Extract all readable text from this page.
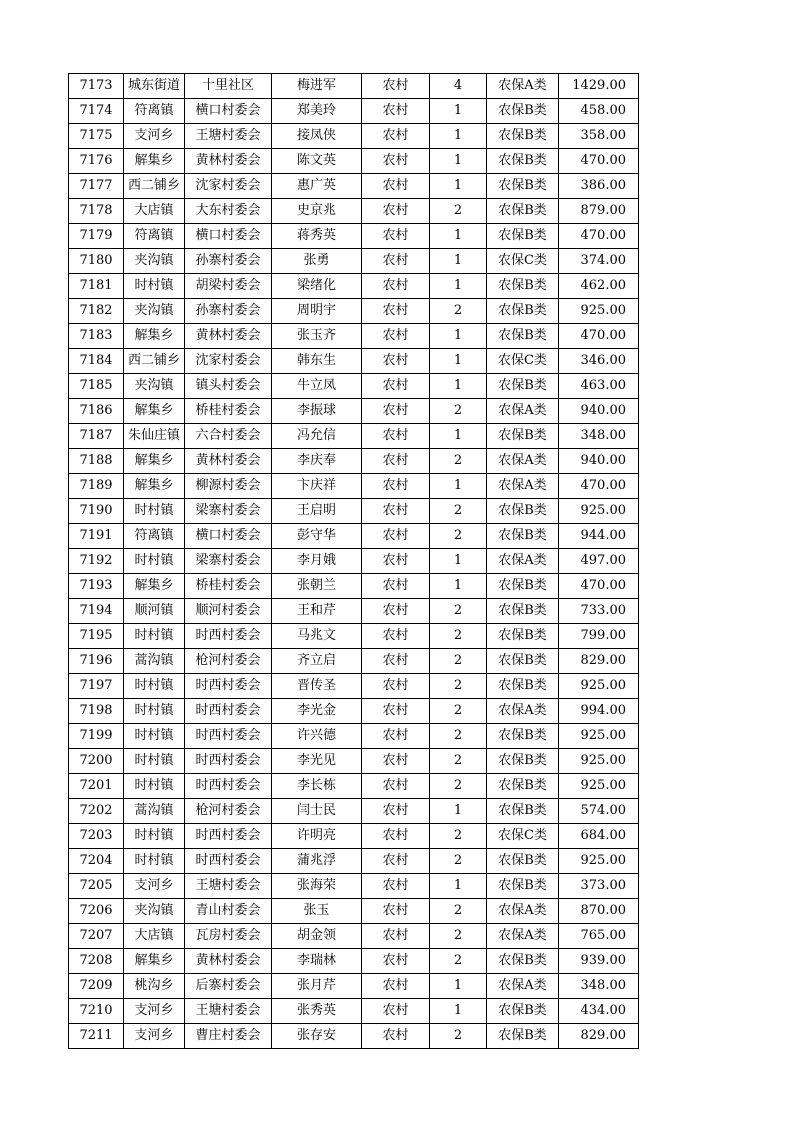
7173	城东街道	十里社区	梅进军	农村	4	农保A类	1429.00
7174	符离镇	横口村委会	郑美玲	农村	1	农保B类	458.00
7175	支河乡	王塘村委会	接凤侠	农村	1	农保B类	358.00
7176	解集乡	黄林村委会	陈文英	农村	1	农保B类	470.00
7177	西二铺乡	沈家村委会	惠广英	农村	1	农保B类	386.00
7178	大店镇	大东村委会	史京兆	农村	2	农保B类	879.00
7179	符离镇	横口村委会	蒋秀英	农村	1	农保B类	470.00
7180	夹沟镇	孙寨村委会	张勇	农村	1	农保C类	374.00
7181	时村镇	胡梁村委会	梁绪化	农村	1	农保B类	462.00
7182	夹沟镇	孙寨村委会	周明宇	农村	2	农保B类	925.00
7183	解集乡	黄林村委会	张玉齐	农村	1	农保B类	470.00
7184	西二铺乡	沈家村委会	韩东生	农村	1	农保C类	346.00
7185	夹沟镇	镇头村委会	牛立凤	农村	1	农保B类	463.00
7186	解集乡	桥桂村委会	李振球	农村	2	农保A类	940.00
7187	朱仙庄镇	六合村委会	冯允信	农村	1	农保B类	348.00
7188	解集乡	黄林村委会	李庆奉	农村	2	农保A类	940.00
7189	解集乡	柳源村委会	卞庆祥	农村	1	农保A类	470.00
7190	时村镇	梁寨村委会	王启明	农村	2	农保B类	925.00
7191	符离镇	横口村委会	彭守华	农村	2	农保B类	944.00
7192	时村镇	梁寨村委会	李月娥	农村	1	农保A类	497.00
7193	解集乡	桥桂村委会	张朝兰	农村	1	农保B类	470.00
7194	顺河镇	顺河村委会	王和芹	农村	2	农保B类	733.00
7195	时村镇	时西村委会	马兆文	农村	2	农保B类	799.00
7196	蒿沟镇	枪河村委会	齐立启	农村	2	农保B类	829.00
7197	时村镇	时西村委会	晋传圣	农村	2	农保B类	925.00
7198	时村镇	时西村委会	李光金	农村	2	农保A类	994.00
7199	时村镇	时西村委会	许兴德	农村	2	农保B类	925.00
7200	时村镇	时西村委会	李光见	农村	2	农保B类	925.00
7201	时村镇	时西村委会	李长栋	农村	2	农保B类	925.00
7202	蒿沟镇	枪河村委会	闫士民	农村	1	农保B类	574.00
7203	时村镇	时西村委会	许明亮	农村	2	农保C类	684.00
7204	时村镇	时西村委会	蒲兆浮	农村	2	农保B类	925.00
7205	支河乡	王塘村委会	张海荣	农村	1	农保B类	373.00
7206	夹沟镇	青山村委会	张玉	农村	2	农保A类	870.00
7207	大店镇	瓦房村委会	胡金领	农村	2	农保A类	765.00
7208	解集乡	黄林村委会	李瑞林	农村	2	农保B类	939.00
7209	桃沟乡	后寨村委会	张月芹	农村	1	农保A类	348.00
7210	支河乡	王塘村委会	张秀英	农村	1	农保B类	434.00
7211	支河乡	曹庄村委会	张存安	农村	2	农保B类	829.00
